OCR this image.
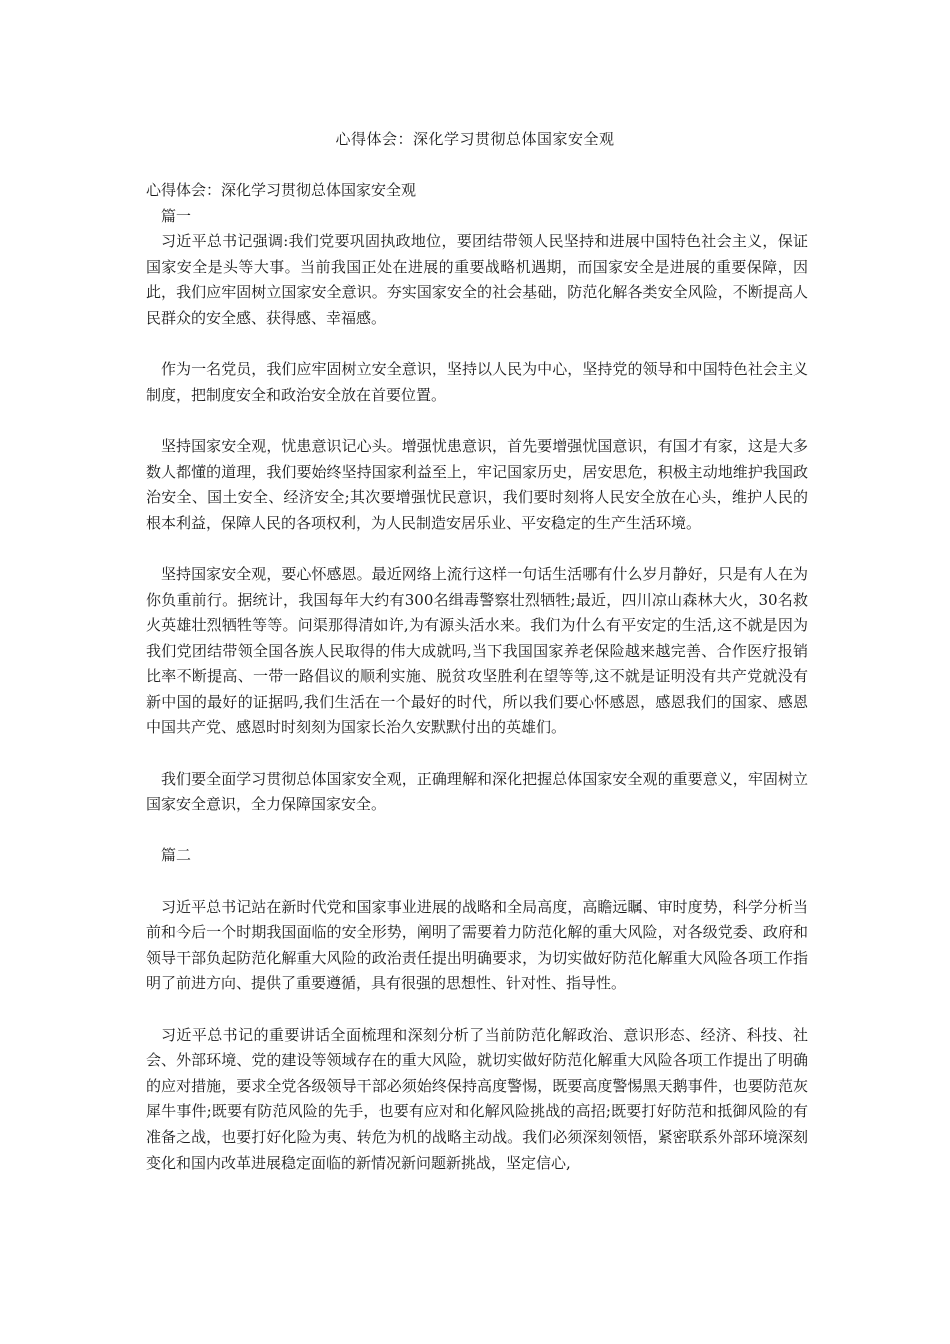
心得体会：深化学习贯彻总体国家安全观

心得体会：深化学习贯彻总体国家安全观

篇一

习近平总书记强调:我们党要巩固执政地位，要团结带领人民坚持和进展中国特色社会主义，保证国家安全是头等大事。当前我国正处在进展的重要战略机遇期，而国家安全是进展的重要保障，因此，我们应牢固树立国家安全意识。夯实国家安全的社会基础，防范化解各类安全风险，不断提高人民群众的安全感、获得感、幸福感。

作为一名党员，我们应牢固树立安全意识，坚持以人民为中心，坚持党的领导和中国特色社会主义制度，把制度安全和政治安全放在首要位置。

坚持国家安全观，忧患意识记心头。增强忧患意识，首先要增强忧国意识，有国才有家，这是大多数人都懂的道理，我们要始终坚持国家利益至上，牢记国家历史，居安思危，积极主动地维护我国政治安全、国土安全、经济安全;其次要增强忧民意识，我们要时刻将人民安全放在心头，维护人民的根本利益，保障人民的各项权利，为人民制造安居乐业、平安稳定的生产生活环境。

坚持国家安全观，要心怀感恩。最近网络上流行这样一句话生活哪有什么岁月静好，只是有人在为你负重前行。据统计，我国每年大约有300名缉毒警察壮烈牺牲;最近，四川凉山森林大火，30名救火英雄壮烈牺牲等等。问渠那得清如许,为有源头活水来。我们为什么有平安定的生活,这不就是因为我们党团结带领全国各族人民取得的伟大成就吗,当下我国国家养老保险越来越完善、合作医疗报销比率不断提高、一带一路倡议的顺利实施、脱贫攻坚胜利在望等等,这不就是证明没有共产党就没有新中国的最好的证据吗,我们生活在一个最好的时代，所以我们要心怀感恩，感恩我们的国家、感恩中国共产党、感恩时时刻刻为国家长治久安默默付出的英雄们。

我们要全面学习贯彻总体国家安全观，正确理解和深化把握总体国家安全观的重要意义，牢固树立国家安全意识，全力保障国家安全。

篇二

习近平总书记站在新时代党和国家事业进展的战略和全局高度，高瞻远瞩、审时度势，科学分析当前和今后一个时期我国面临的安全形势，阐明了需要着力防范化解的重大风险，对各级党委、政府和领导干部负起防范化解重大风险的政治责任提出明确要求，为切实做好防范化解重大风险各项工作指明了前进方向、提供了重要遵循，具有很强的思想性、针对性、指导性。

习近平总书记的重要讲话全面梳理和深刻分析了当前防范化解政治、意识形态、经济、科技、社会、外部环境、党的建设等领域存在的重大风险，就切实做好防范化解重大风险各项工作提出了明确的应对措施，要求全党各级领导干部必须始终保持高度警惕，既要高度警惕黑天鹅事件，也要防范灰犀牛事件;既要有防范风险的先手，也要有应对和化解风险挑战的高招;既要打好防范和抵御风险的有准备之战，也要打好化险为夷、转危为机的战略主动战。我们必须深刻领悟，紧密联系外部环境深刻变化和国内改革进展稳定面临的新情况新问题新挑战，坚定信心,
